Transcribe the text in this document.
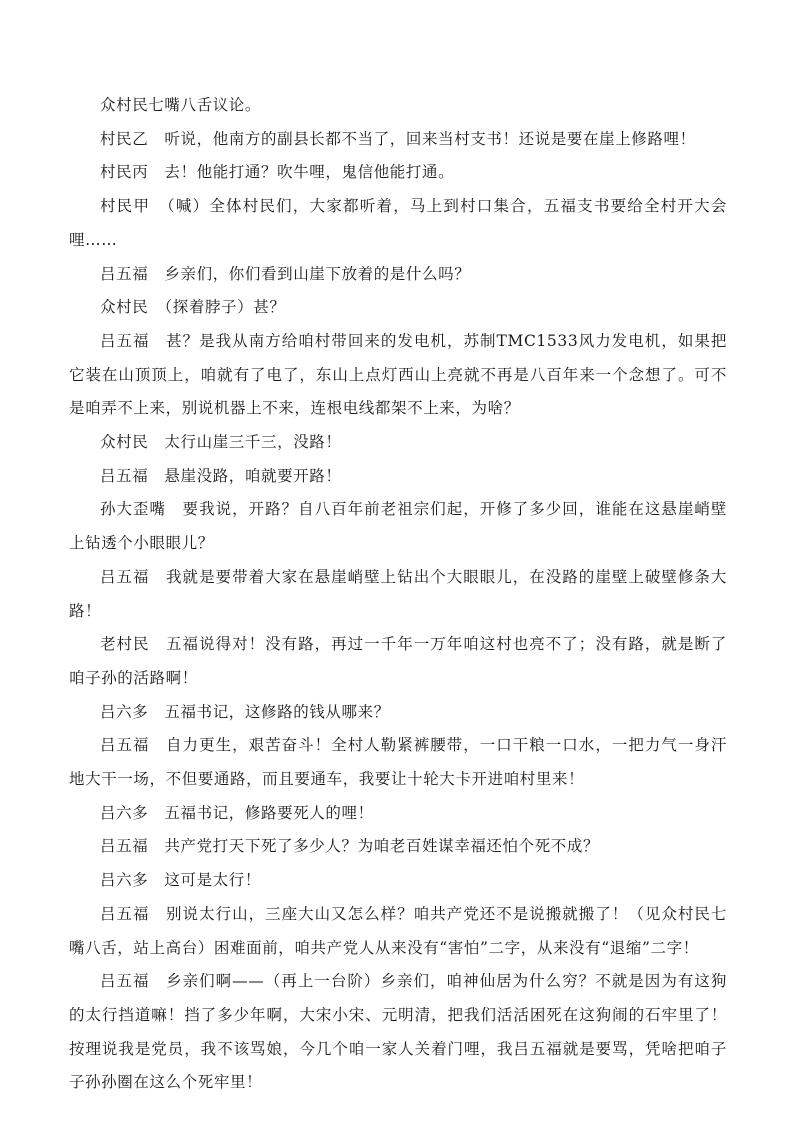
众村民七嘴八舌议论。

村民乙　听说，他南方的副县长都不当了，回来当村支书！还说是要在崖上修路哩！

村民丙　去！他能打通？吹牛哩，鬼信他能打通。

村民甲　（喊）全体村民们，大家都听着，马上到村口集合，五福支书要给全村开大会哩……

吕五福　乡亲们，你们看到山崖下放着的是什么吗？

众村民　（探着脖子）甚？

吕五福　甚？是我从南方给咱村带回来的发电机，苏制TMC1533风力发电机，如果把它装在山顶顶上，咱就有了电了，东山上点灯西山上亮就不再是八百年来一个念想了。可不是咱弄不上来，别说机器上不来，连根电线都架不上来，为啥？

众村民　太行山崖三千三，没路！

吕五福　悬崖没路，咱就要开路！

孙大歪嘴　要我说，开路？自八百年前老祖宗们起，开修了多少回，谁能在这悬崖峭壁上钻透个小眼眼儿？

吕五福　我就是要带着大家在悬崖峭壁上钻出个大眼眼儿，在没路的崖壁上破壁修条大路！

老村民　五福说得对！没有路，再过一千年一万年咱这村也亮不了；没有路，就是断了咱子孙的活路啊！

吕六多　五福书记，这修路的钱从哪来？

吕五福　自力更生，艰苦奋斗！全村人勒紧裤腰带，一口干粮一口水，一把力气一身汗地大干一场，不但要通路，而且要通车，我要让十轮大卡开进咱村里来！

吕六多　五福书记，修路要死人的哩！

吕五福　共产党打天下死了多少人？为咱老百姓谋幸福还怕个死不成？

吕六多　这可是太行！

吕五福　别说太行山，三座大山又怎么样？咱共产党还不是说搬就搬了！（见众村民七嘴八舌，站上高台）困难面前，咱共产党人从来没有“害怕”二字，从来没有“退缩”二字！

吕五福　乡亲们啊——（再上一台阶）乡亲们，咱神仙居为什么穷？不就是因为有这狗的太行挡道嘛！挡了多少年啊，大宋小宋、元明清，把我们活活困死在这狗闹的石牢里了！按理说我是党员，我不该骂娘，今几个咱一家人关着门哩，我吕五福就是要骂，凭啥把咱子子孙孙圈在这么个死牢里！
